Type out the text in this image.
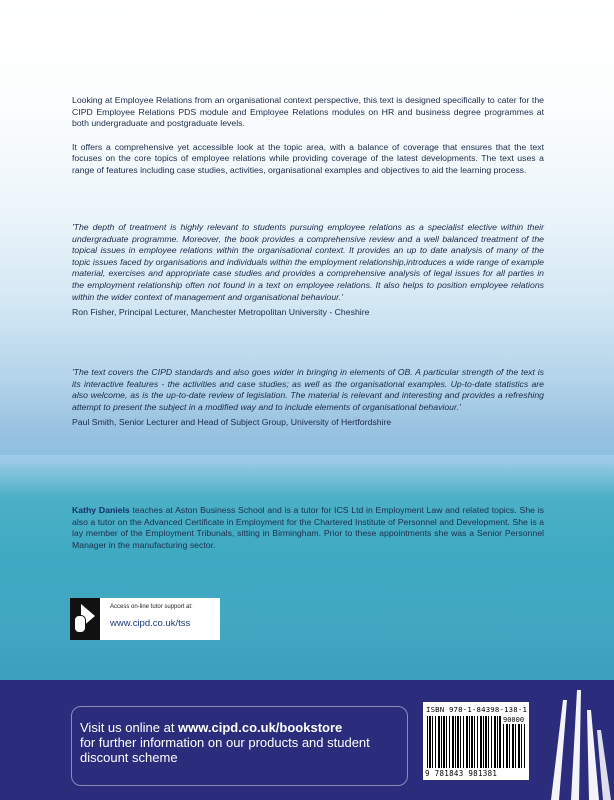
Looking at Employee Relations from an organisational context perspective, this text is designed specifically to cater for the CIPD Employee Relations PDS module and Employee Relations modules on HR and business degree programmes at both undergraduate and postgraduate levels.

It offers a comprehensive yet accessible look at the topic area, with a balance of coverage that ensures that the text focuses on the core topics of employee relations while providing coverage of the latest developments. The text uses a range of features including case studies, activities, organisational examples and objectives to aid the learning process.

'The depth of treatment is highly relevant to students pursuing employee relations as a specialist elective within their undergraduate programme. Moreover, the book provides a comprehensive review and a well balanced treatment of the topical issues in employee relations within the organisational context. It provides an up to date analysis of many of the topic issues faced by organisations and individuals within the employment relationship,introduces a wide range of example material, exercises and appropriate case studies and provides a comprehensive analysis of legal issues for all parties in the employment relationship often not found in a text on employee relations. It also helps to position employee relations within the wider context of management and organisational behaviour.'

Ron Fisher, Principal Lecturer, Manchester Metropolitan University - Cheshire

'The text covers the CIPD standards and also goes wider in bringing in elements of OB. A particular strength of the text is its interactive features - the activities and case studies; as well as the organisational examples. Up-to-date statistics are also welcome, as is the up-to-date review of legislation. The material is relevant and interesting and provides a refreshing attempt to present the subject in a modified way and to include elements of organisational behaviour.'

Paul Smith, Senior Lecturer and Head of Subject Group, University of Hertfordshire

Kathy Daniels teaches at Aston Business School and is a tutor for ICS Ltd in Employment Law and related topics. She is also a tutor on the Advanced Certificate in Employment for the Chartered Institute of Personnel and Development. She is a lay member of the Employment Tribunals, sitting in Birmingham. Prior to these appointments she was a Senior Personnel Manager in the manufacturing sector.

Access on-line tutor support at:
www.cipd.co.uk/tss
Visit us online at www.cipd.co.uk/bookstore
for further information on our products and student discount scheme
ISBN 978-1-84398-138-1
90000
9 781843 981381
